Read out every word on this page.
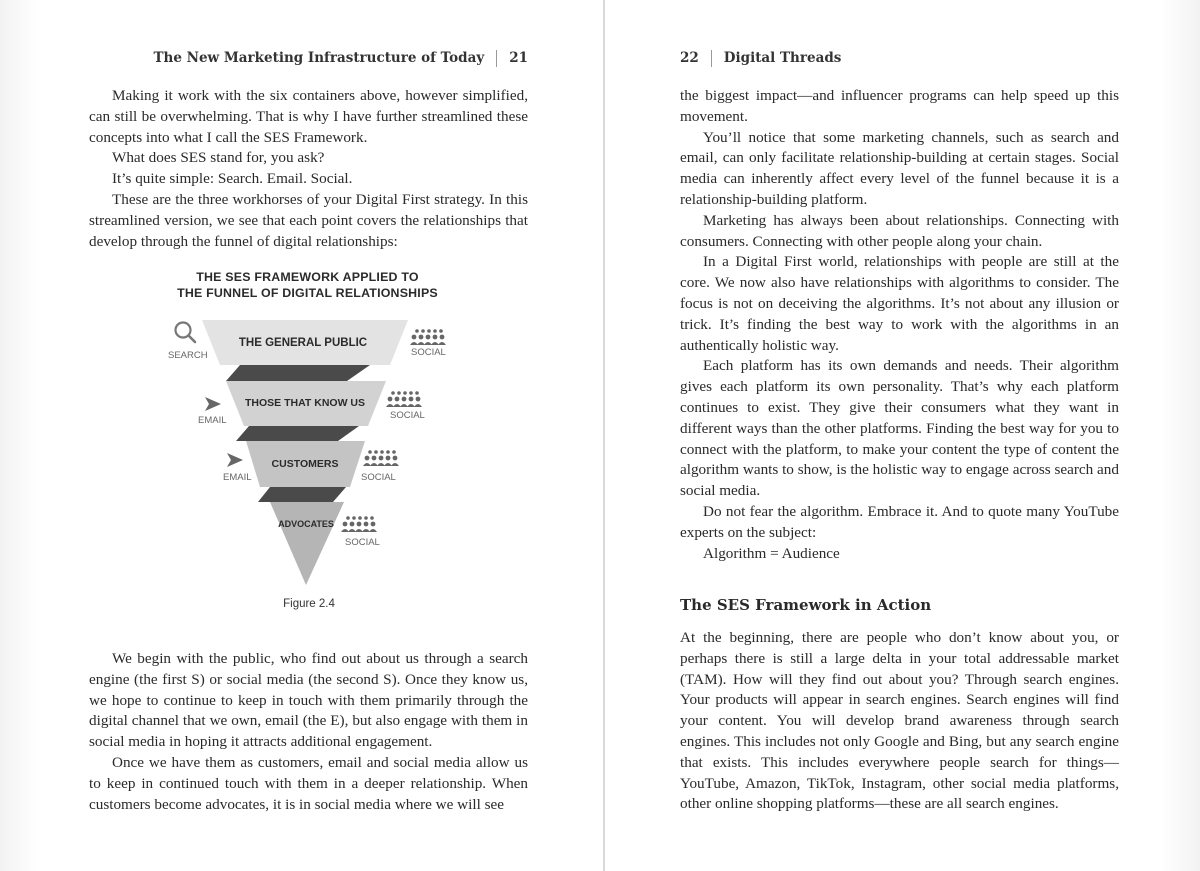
The New Marketing Infrastructure of Today 21

Making it work with the six containers above, however simplified, can still be overwhelming. That is why I have further streamlined these concepts into what I call the SES Framework.

What does SES stand for, you ask?

It’s quite simple: Search. Email. Social.

These are the three workhorses of your Digital First strategy. In this streamlined version, we see that each point covers the relationships that develop through the funnel of digital relationships:

THE SES FRAMEWORK APPLIED TO
THE FUNNEL OF DIGITAL RELATIONSHIPS
THE GENERAL PUBLIC
THOSE THAT KNOW US
CUSTOMERS
ADVOCATES
SEARCH	SOCIAL
EMAIL	SOCIAL
EMAIL	SOCIAL
SOCIAL
Figure 2.4

We begin with the public, who find out about us through a search engine (the first S) or social media (the second S). Once they know us, we hope to continue to keep in touch with them primarily through the digital channel that we own, email (the E), but also engage with them in social media in hoping it attracts additional engagement.

Once we have them as customers, email and social media allow us to keep in continued touch with them in a deeper relationship. When customers become advocates, it is in social media where we will see

22 Digital Threads

the biggest impact—and influencer programs can help speed up this movement.

You’ll notice that some marketing channels, such as search and email, can only facilitate relationship-building at certain stages. Social media can inherently affect every level of the funnel because it is a relationship-building platform.

Marketing has always been about relationships. Connecting with consumers. Connecting with other people along your chain.

In a Digital First world, relationships with people are still at the core. We now also have relationships with algorithms to consider. The focus is not on deceiving the algorithms. It’s not about any illusion or trick. It’s finding the best way to work with the algorithms in an authentically holistic way.

Each platform has its own demands and needs. Their algorithm gives each platform its own personality. That’s why each platform continues to exist. They give their consumers what they want in different ways than the other platforms. Finding the best way for you to connect with the platform, to make your content the type of content the algorithm wants to show, is the holistic way to engage across search and social media.

Do not fear the algorithm. Embrace it. And to quote many YouTube experts on the subject:

Algorithm = Audience

The SES Framework in Action

At the beginning, there are people who don’t know about you, or perhaps there is still a large delta in your total addressable market (TAM). How will they find out about you? Through search engines. Your products will appear in search engines. Search engines will find your content. You will develop brand awareness through search engines. This includes not only Google and Bing, but any search engine that exists. This includes everywhere people search for things—YouTube, Amazon, TikTok, Instagram, other social media platforms, other online shopping platforms—these are all search engines.
